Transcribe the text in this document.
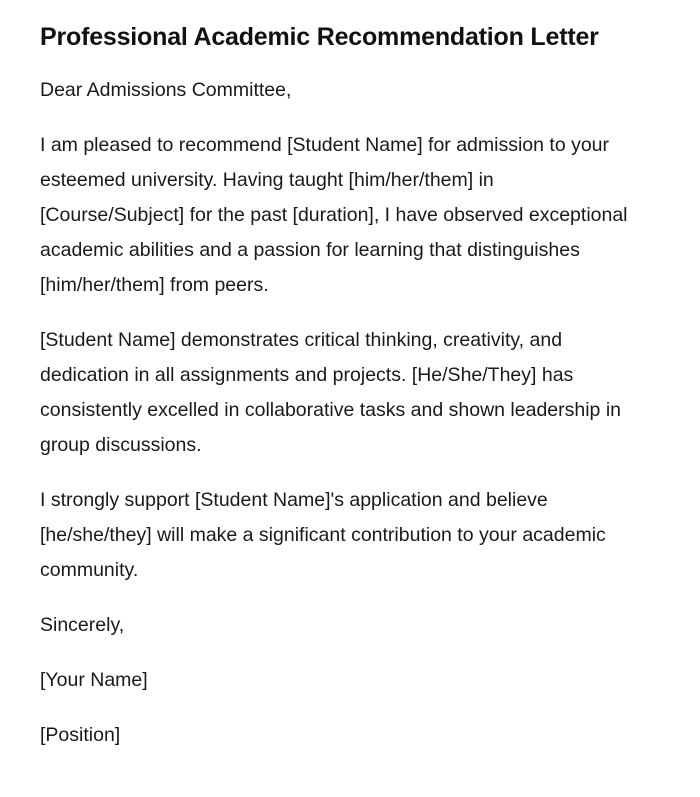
Professional Academic Recommendation Letter

Dear Admissions Committee,

I am pleased to recommend [Student Name] for admission to your esteemed university. Having taught [him/her/them] in [Course/Subject] for the past [duration], I have observed exceptional academic abilities and a passion for learning that distinguishes [him/her/them] from peers.

[Student Name] demonstrates critical thinking, creativity, and dedication in all assignments and projects. [He/She/They] has consistently excelled in collaborative tasks and shown leadership in group discussions.

I strongly support [Student Name]'s application and believe [he/she/they] will make a significant contribution to your academic community.

Sincerely,

[Your Name]

[Position]
